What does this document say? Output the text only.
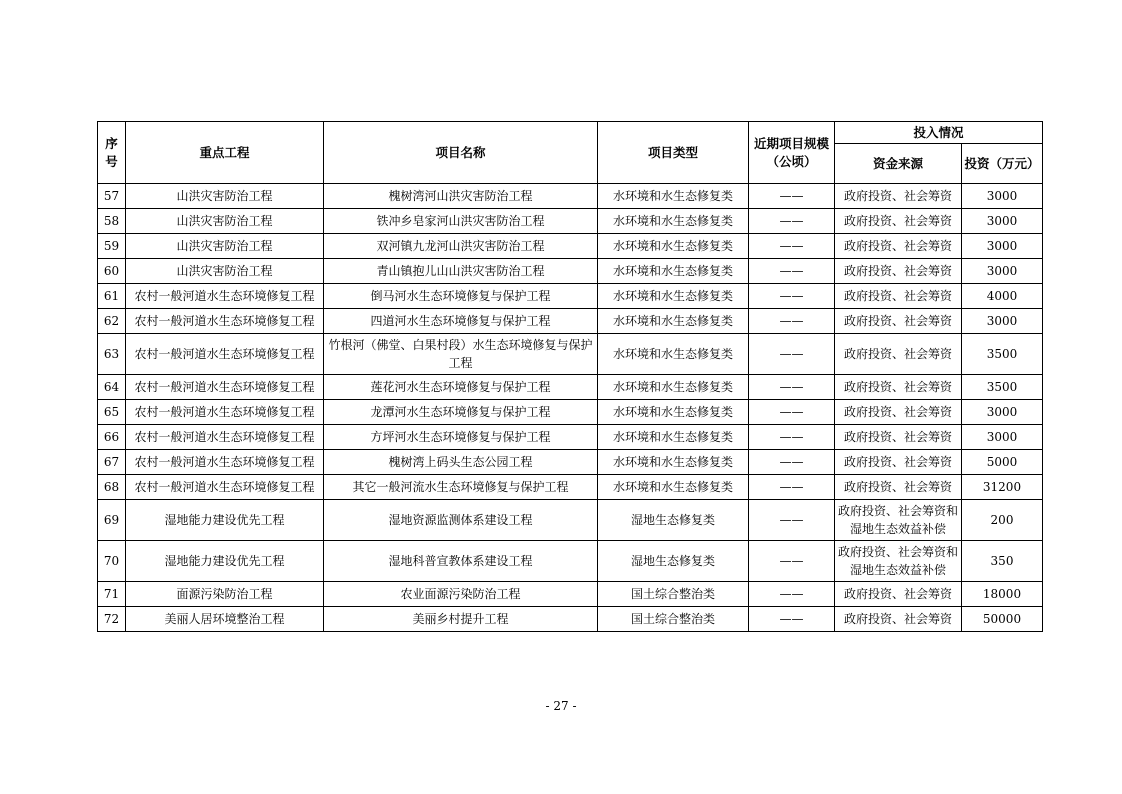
序号	重点工程	项目名称	项目类型	近期项目规模（公顷）	投入情况	
					资金来源	投资（万元）
57	山洪灾害防治工程	槐树湾河山洪灾害防治工程	水环境和水生态修复类	——	政府投资、社会筹资	3000
58	山洪灾害防治工程	铁冲乡皂家河山洪灾害防治工程	水环境和水生态修复类	——	政府投资、社会筹资	3000
59	山洪灾害防治工程	双河镇九龙河山洪灾害防治工程	水环境和水生态修复类	——	政府投资、社会筹资	3000
60	山洪灾害防治工程	青山镇抱儿山山洪灾害防治工程	水环境和水生态修复类	——	政府投资、社会筹资	3000
61	农村一般河道水生态环境修复工程	倒马河水生态环境修复与保护工程	水环境和水生态修复类	——	政府投资、社会筹资	4000
62	农村一般河道水生态环境修复工程	四道河水生态环境修复与保护工程	水环境和水生态修复类	——	政府投资、社会筹资	3000
63	农村一般河道水生态环境修复工程	竹根河（佛堂、白果村段）水生态环境修复与保护工程	水环境和水生态修复类	——	政府投资、社会筹资	3500
64	农村一般河道水生态环境修复工程	莲花河水生态环境修复与保护工程	水环境和水生态修复类	——	政府投资、社会筹资	3500
65	农村一般河道水生态环境修复工程	龙潭河水生态环境修复与保护工程	水环境和水生态修复类	——	政府投资、社会筹资	3000
66	农村一般河道水生态环境修复工程	方坪河水生态环境修复与保护工程	水环境和水生态修复类	——	政府投资、社会筹资	3000
67	农村一般河道水生态环境修复工程	槐树湾上码头生态公园工程	水环境和水生态修复类	——	政府投资、社会筹资	5000
68	农村一般河道水生态环境修复工程	其它一般河流水生态环境修复与保护工程	水环境和水生态修复类	——	政府投资、社会筹资	31200
69	湿地能力建设优先工程	湿地资源监测体系建设工程	湿地生态修复类	——	政府投资、社会筹资和湿地生态效益补偿	200
70	湿地能力建设优先工程	湿地科普宣教体系建设工程	湿地生态修复类	——	政府投资、社会筹资和湿地生态效益补偿	350
71	面源污染防治工程	农业面源污染防治工程	国土综合整治类	——	政府投资、社会筹资	18000
72	美丽人居环境整治工程	美丽乡村提升工程	国土综合整治类	——	政府投资、社会筹资	50000
- 27 -
